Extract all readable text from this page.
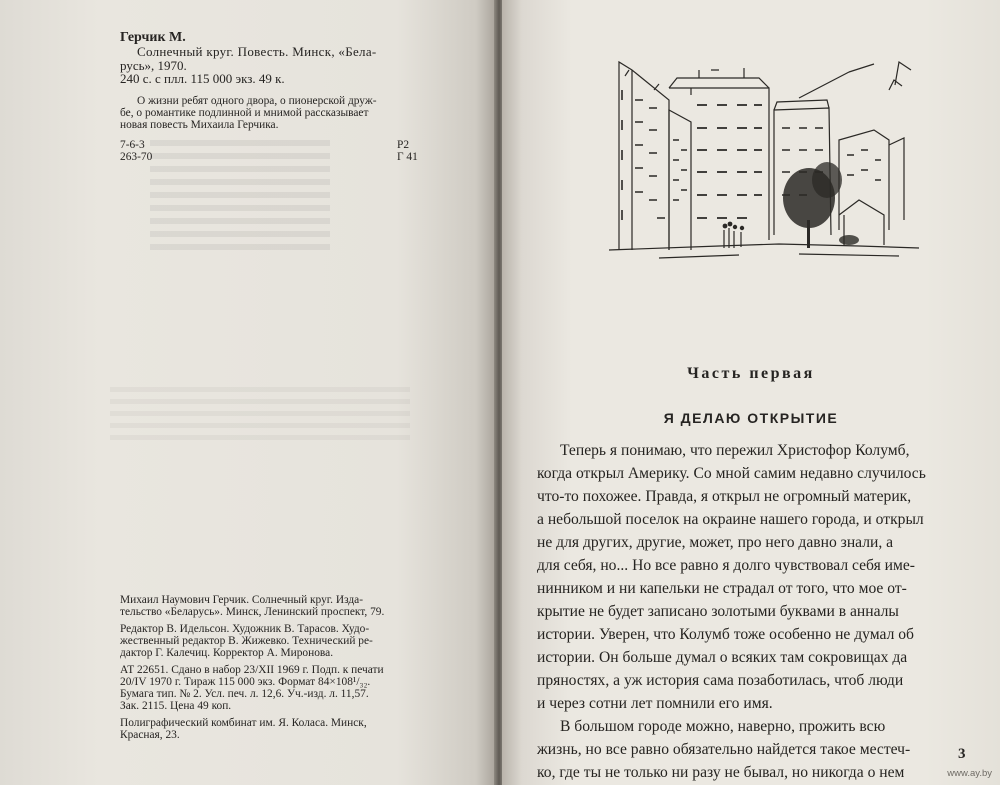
Герчик М.
Солнечный круг. Повесть. Минск, «Бела-
русь», 1970.
240 с. с плл. 115 000 экз. 49 к.
О жизни ребят одного двора, о пионерской друж-
бе, о романтике подлинной и мнимой рассказывает
новая повесть Михаила Герчика.
7-6-3
263-70
Р2
Г 41
Михаил Наумович Герчик. Солнечный круг. Изда-
тельство «Беларусь». Минск, Ленинский проспект, 79.
Редактор В. Идельсон. Художник В. Тарасов. Худо-
жественный редактор В. Жижевко. Технический ре-
дактор Г. Калечиц. Корректор А. Миронова.
АТ 22651. Сдано в набор 23/XII 1969 г. Подп. к печати
20/IV 1970 г. Тираж 115 000 экз. Формат 84×108¹/₃₂.
Бумага тип. № 2. Усл. печ. л. 12,6. Уч.-изд. л. 11,57.
Зак. 2115. Цена 49 коп.
Полиграфический комбинат им. Я. Коласа. Минск,
Красная, 23.
Часть первая
Я ДЕЛАЮ ОТКРЫТИЕ
Теперь я понимаю, что пережил Христофор Колумб,
когда открыл Америку. Со мной самим недавно случилось
что-то похожее. Правда, я открыл не огромный материк,
а небольшой поселок на окраине нашего города, и открыл
не для других, другие, может, про него давно знали, а
для себя, но... Но все равно я долго чувствовал себя име-
нинником и ни капельки не страдал от того, что мое от-
крытие не будет записано золотыми буквами в анналы
истории. Уверен, что Колумб тоже особенно не думал об
истории. Он больше думал о всяких там сокровищах да
пряностях, а уж история сама позаботилась, чтоб люди
и через сотни лет помнили его имя.
В большом городе можно, наверно, прожить всю
жизнь, но все равно обязательно найдется такое местеч-
ко, где ты не только ни разу не бывал, но никогда о нем
3
www.ay.by
